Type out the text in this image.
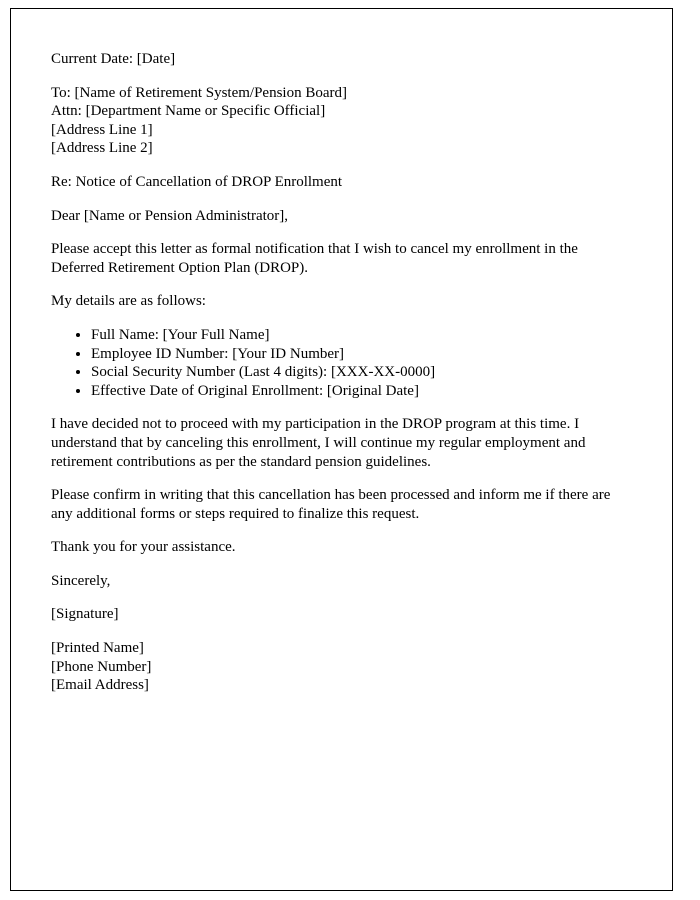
Current Date: [Date]

To: [Name of Retirement System/Pension Board]

Attn: [Department Name or Specific Official]

[Address Line 1]

[Address Line 2]

Re: Notice of Cancellation of DROP Enrollment

Dear [Name or Pension Administrator],

Please accept this letter as formal notification that I wish to cancel my enrollment in the Deferred Retirement Option Plan (DROP).

My details are as follows:

• Full Name: [Your Full Name]
• Employee ID Number: [Your ID Number]
• Social Security Number (Last 4 digits): [XXX-XX-0000]
• Effective Date of Original Enrollment: [Original Date]

I have decided not to proceed with my participation in the DROP program at this time. I understand that by canceling this enrollment, I will continue my regular employment and retirement contributions as per the standard pension guidelines.

Please confirm in writing that this cancellation has been processed and inform me if there are any additional forms or steps required to finalize this request.

Thank you for your assistance.

Sincerely,

[Signature]

[Printed Name]

[Phone Number]

[Email Address]
